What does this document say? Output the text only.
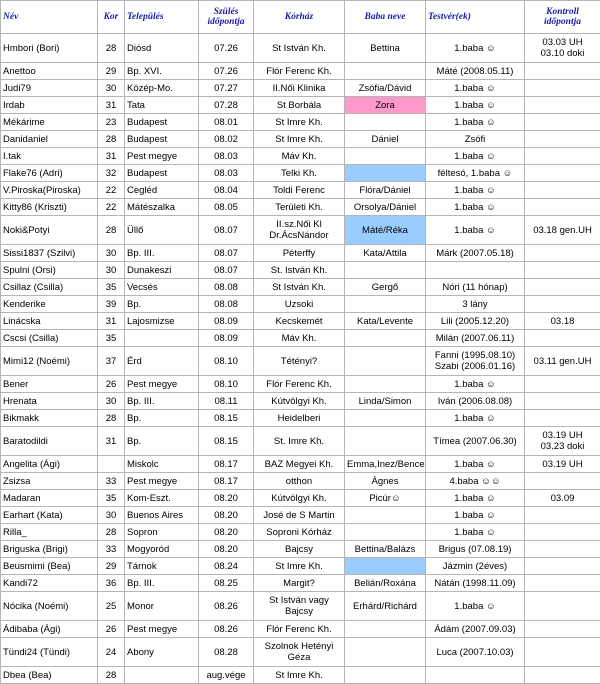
Név	Kor	Település	Szülés
időpontja	Kórház	Baba neve	Testvér(ek)	Kontroll
időpontja

Hmbori (Bori)	28	Diósd	07.26	St István Kh.	Bettina	1.baba ☺	03.03 UH
03.10 doki

Anettoo	29	Bp. XVI.	07.26	Flór Ferenc Kh.		Máté (2008.05.11)	

Judi79	30	Közép-Mo.	07.27	II.Női Klinika	Zsófia/Dávid	1.baba ☺	

Irdab	31	Tata	07.28	St Borbála	Zora	1.baba ☺	

Mékárime	23	Budapest	08.01	St Imre Kh.		1.baba ☺	

Danidaniel	28	Budapest	08.02	St Imre Kh.	Dániel	Zsófi	

I.tak	31	Pest megye	08.03	Máv Kh.		1.baba ☺	

Flake76 (Adri)	32	Budapest	08.03	Telki Kh.		féltesó, 1.baba ☺	

V.Piroska(Piroska)	22	Cegléd	08.04	Toldi Ferenc	Flóra/Dániel	1.baba ☺	

Kitty86 (Kriszti)	22	Mátészalka	08.05	Területi Kh.	Orsolya/Dániel	1.baba ☺	

Noki&Potyi	28	Üllő	08.07	II.sz.Női Kl
Dr.ÁcsNándor	Máté/Réka	1.baba ☺	03.18 gen.UH

Sissi1837 (Szilvi)	30	Bp. III.	08.07	Péterffy	Kata/Attila	Márk (2007.05.18)	

Spulni (Orsi)	30	Dunakeszi	08.07	St. István Kh.			

Csillaz (Csilla)	35	Vecsés	08.08	St István Kh.	Gergő	Nóri (11 hónap)	

Kenderike	39	Bp.	08.08	Uzsoki		3 lány	

Linácska	31	Lajosmizse	08.09	Kecskemét	Kata/Levente	Lili (2005.12.20)	03.18

Cscsi (Csilla)	35		08.09	Máv Kh.		Milán (2007.06.11)	

Mimi12 (Noémi)	37	Érd	08.10	Tétényi?		Fanni (1995.08.10)
Szabi (2006.01.16)	03.11 gen.UH

Bener	26	Pest megye	08.10	Flór Ferenc Kh.		1.baba ☺	

Hrenata	30	Bp. III.	08.11	Kútvölgyi Kh.	Linda/Simon	Iván (2006.08.08)	

Bikmakk	28	Bp.	08.15	Heidelberi		1.baba ☺	

Baratodildi	31	Bp.	08.15	St. Imre Kh.		Tímea (2007.06.30)	03.19 UH
03.23 doki

Angelita (Ági)		Miskolc	08.17	BAZ Megyei Kh.	Emma,Inez/Bence	1.baba ☺	03.19 UH

Zsizsa	33	Pest megye	08.17	otthon	Ágnes	4.baba ☺☺	

Madaran	35	Kom-Eszt.	08.20	Kútvölgyi Kh.	Picúr☺	1.baba ☺	03.09

Earhart (Kata)	30	Buenos Aires	08.20	José de S Martin		1.baba ☺	

Rilla_	28	Sopron	08.20	Soproni Kórház		1.baba ☺	

Briguska (Brigi)	33	Mogyoród	08.20	Bajcsy	Bettina/Balázs	Brigus (07.08.19)	

Beusmimi (Bea)	29	Tárnok	08.24	St Imre Kh.		Jázmin (2éves)	

Kandi72	36	Bp. III.	08.25	Margit?	Belián/Roxána	Nátán (1998.11.09)	

Nócika (Noémi)	25	Monor	08.26	St István vagy
Bajcsy	Erhárd/Richárd	1.baba ☺	

Ádibaba (Ági)	26	Pest megye	08.26	Flór Ferenc Kh.		Ádám (2007.09.03)	

Tündi24 (Tündi)	24	Abony	08.28	Szolnok Hetényi
Géza		Luca (2007.10.03)	

Dbea (Bea)	28		aug.vége	St Imre Kh.			
